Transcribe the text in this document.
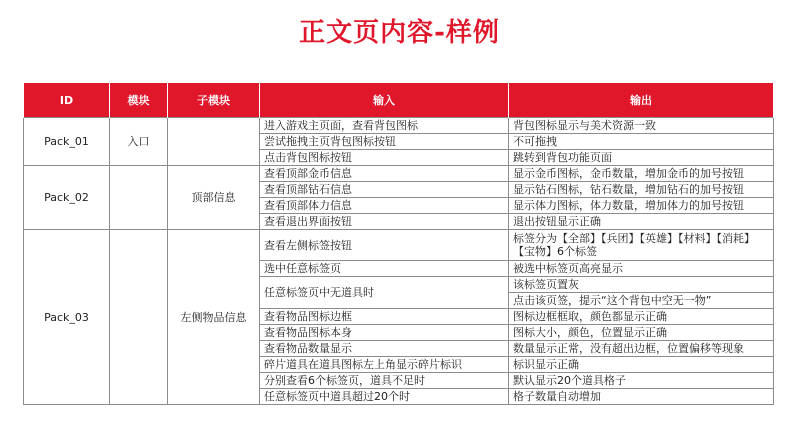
正文页内容-样例
ID	模块	子模块	输入	输出
Pack_01	入口		进入游戏主页面，查看背包图标	背包图标显示与美术资源一致
			尝试拖拽主页背包图标按钮	不可拖拽
			点击背包图标按钮	跳转到背包功能页面
Pack_02		顶部信息	查看顶部金币信息	显示金币图标，金币数量，增加金币的加号按钮
			查看顶部钻石信息	显示钻石图标，钻石数量，增加钻石的加号按钮
			查看顶部体力信息	显示体力图标，体力数量，增加体力的加号按钮
			查看退出界面按钮	退出按钮显示正确
Pack_03		左侧物品信息	查看左侧标签按钮	标签分为【全部】【兵团】【英雄】【材料】【消耗】【宝物】6个标签
			选中任意标签页	被选中标签页高亮显示
			任意标签页中无道具时	该标签页置灰
				点击该页签，提示“这个背包中空无一物”
			查看物品图标边框	图标边框框取，颜色都显示正确
			查看物品图标本身	图标大小，颜色，位置显示正确
			查看物品数量显示	数量显示正常，没有超出边框，位置偏移等现象
			碎片道具在道具图标左上角显示碎片标识	标识显示正确
			分别查看6个标签页，道具不足时	默认显示20个道具格子
			任意标签页中道具超过20个时	格子数量自动增加
